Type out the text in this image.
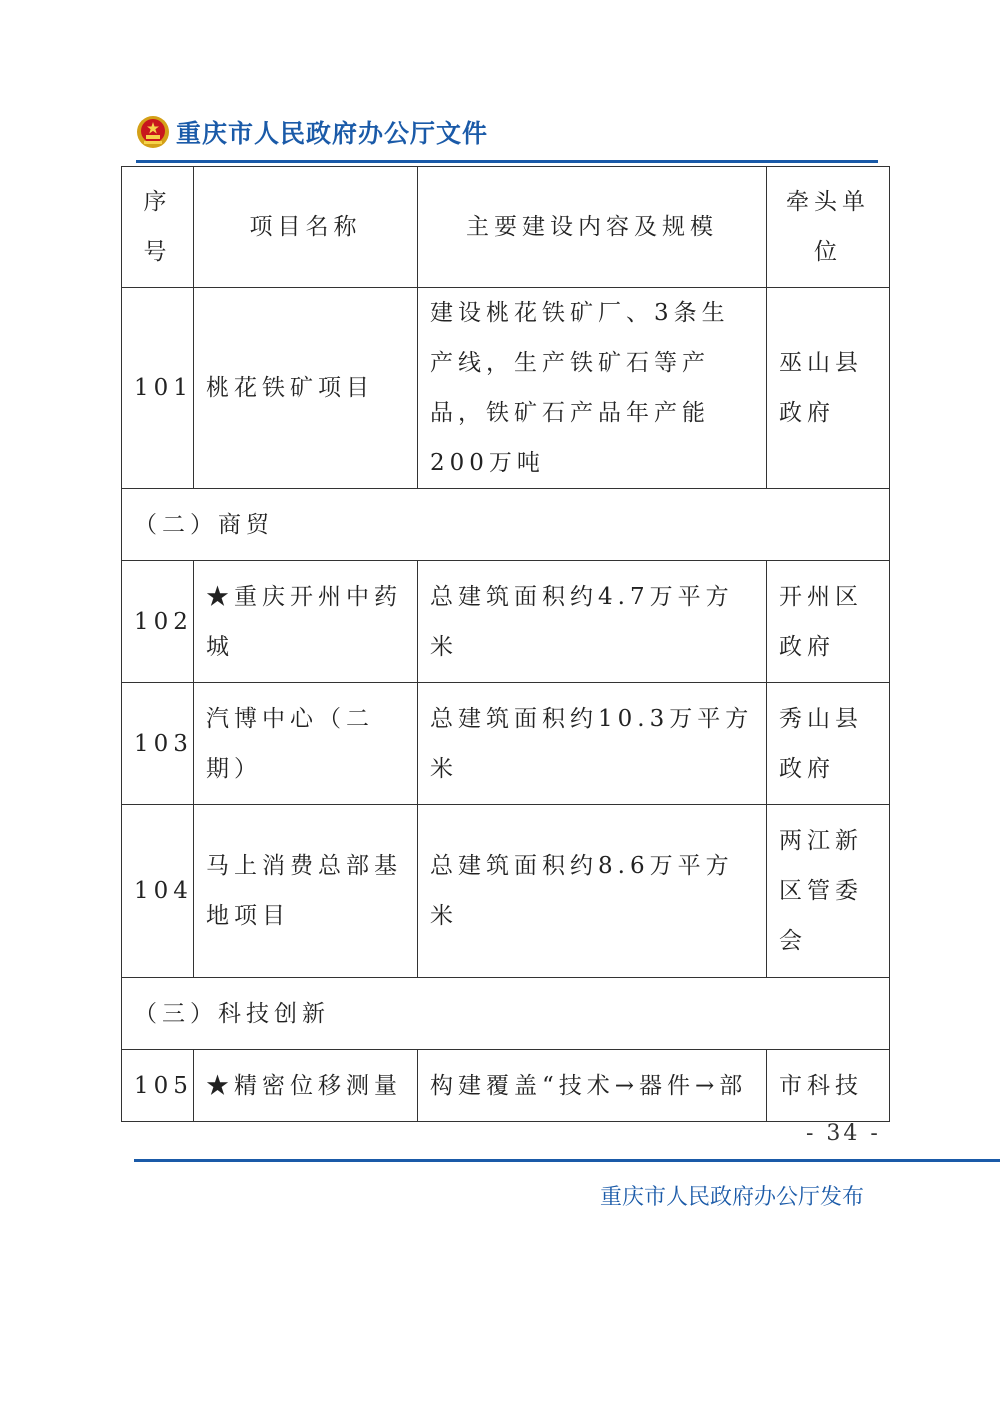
重庆市人民政府办公厅文件
序号	项目名称	主要建设内容及规模	牵头单位
101	桃花铁矿项目	建设桃花铁矿厂、3条生产线，生产铁矿石等产品，铁矿石产品年产能200万吨	巫山县政府
（二）商贸			
102	★重庆开州中药城	总建筑面积约4.7万平方米	开州区政府
103	汽博中心（二期）	总建筑面积约10.3万平方米	秀山县政府
104	马上消费总部基地项目	总建筑面积约8.6万平方米	两江新区管委会
（三）科技创新			
105	★精密位移测量	构建覆盖“技术→器件→部	市科技
- 34 -
重庆市人民政府办公厅发布
